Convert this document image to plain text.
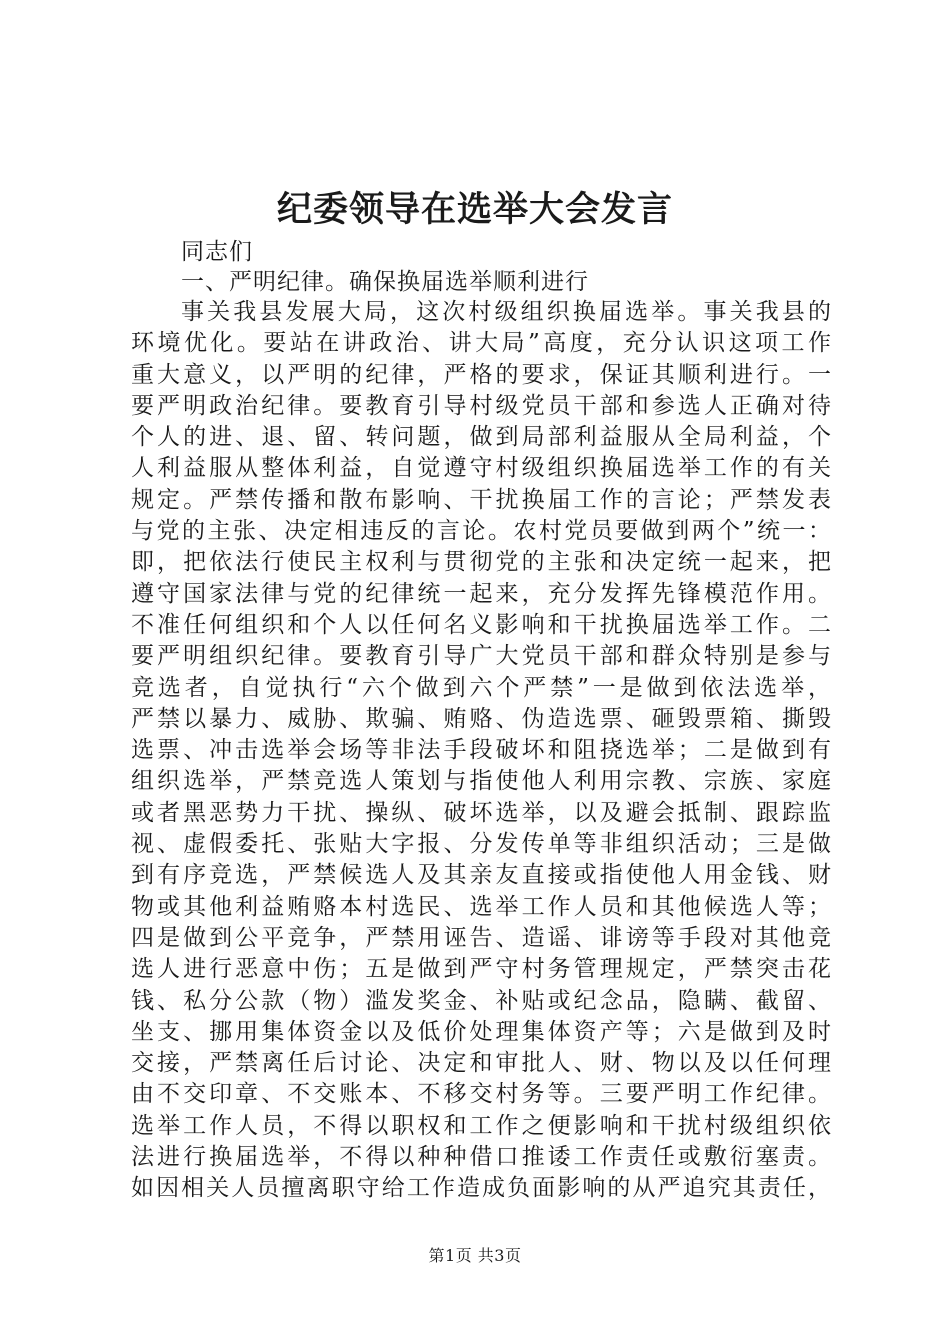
纪委领导在选举大会发言

同志们

一、严明纪律。确保换届选举顺利进行

事关我县发展大局，这次村级组织换届选举。事关我县的
环境优化。要站在讲政治、讲大局”高度，充分认识这项工作
重大意义，以严明的纪律，严格的要求，保证其顺利进行。一
要严明政治纪律。要教育引导村级党员干部和参选人正确对待
个人的进、退、留、转问题，做到局部利益服从全局利益，个
人利益服从整体利益，自觉遵守村级组织换届选举工作的有关
规定。严禁传播和散布影响、干扰换届工作的言论；严禁发表
与党的主张、决定相违反的言论。农村党员要做到两个”统一：
即，把依法行使民主权利与贯彻党的主张和决定统一起来，把
遵守国家法律与党的纪律统一起来，充分发挥先锋模范作用。
不准任何组织和个人以任何名义影响和干扰换届选举工作。二
要严明组织纪律。要教育引导广大党员干部和群众特别是参与
竞选者，自觉执行“六个做到六个严禁”一是做到依法选举，
严禁以暴力、威胁、欺骗、贿赂、伪造选票、砸毁票箱、撕毁
选票、冲击选举会场等非法手段破坏和阻挠选举；二是做到有
组织选举，严禁竞选人策划与指使他人利用宗教、宗族、家庭
或者黑恶势力干扰、操纵、破坏选举，以及避会抵制、跟踪监
视、虚假委托、张贴大字报、分发传单等非组织活动；三是做
到有序竞选，严禁候选人及其亲友直接或指使他人用金钱、财
物或其他利益贿赂本村选民、选举工作人员和其他候选人等；
四是做到公平竞争，严禁用诬告、造谣、诽谤等手段对其他竞
选人进行恶意中伤；五是做到严守村务管理规定，严禁突击花
钱、私分公款（物）滥发奖金、补贴或纪念品，隐瞒、截留、
坐支、挪用集体资金以及低价处理集体资产等；六是做到及时
交接，严禁离任后讨论、决定和审批人、财、物以及以任何理
由不交印章、不交账本、不移交村务等。三要严明工作纪律。
选举工作人员，不得以职权和工作之便影响和干扰村级组织依
法进行换届选举，不得以种种借口推诿工作责任或敷衍塞责。
如因相关人员擅离职守给工作造成负面影响的从严追究其责任，

第1页 共3页
